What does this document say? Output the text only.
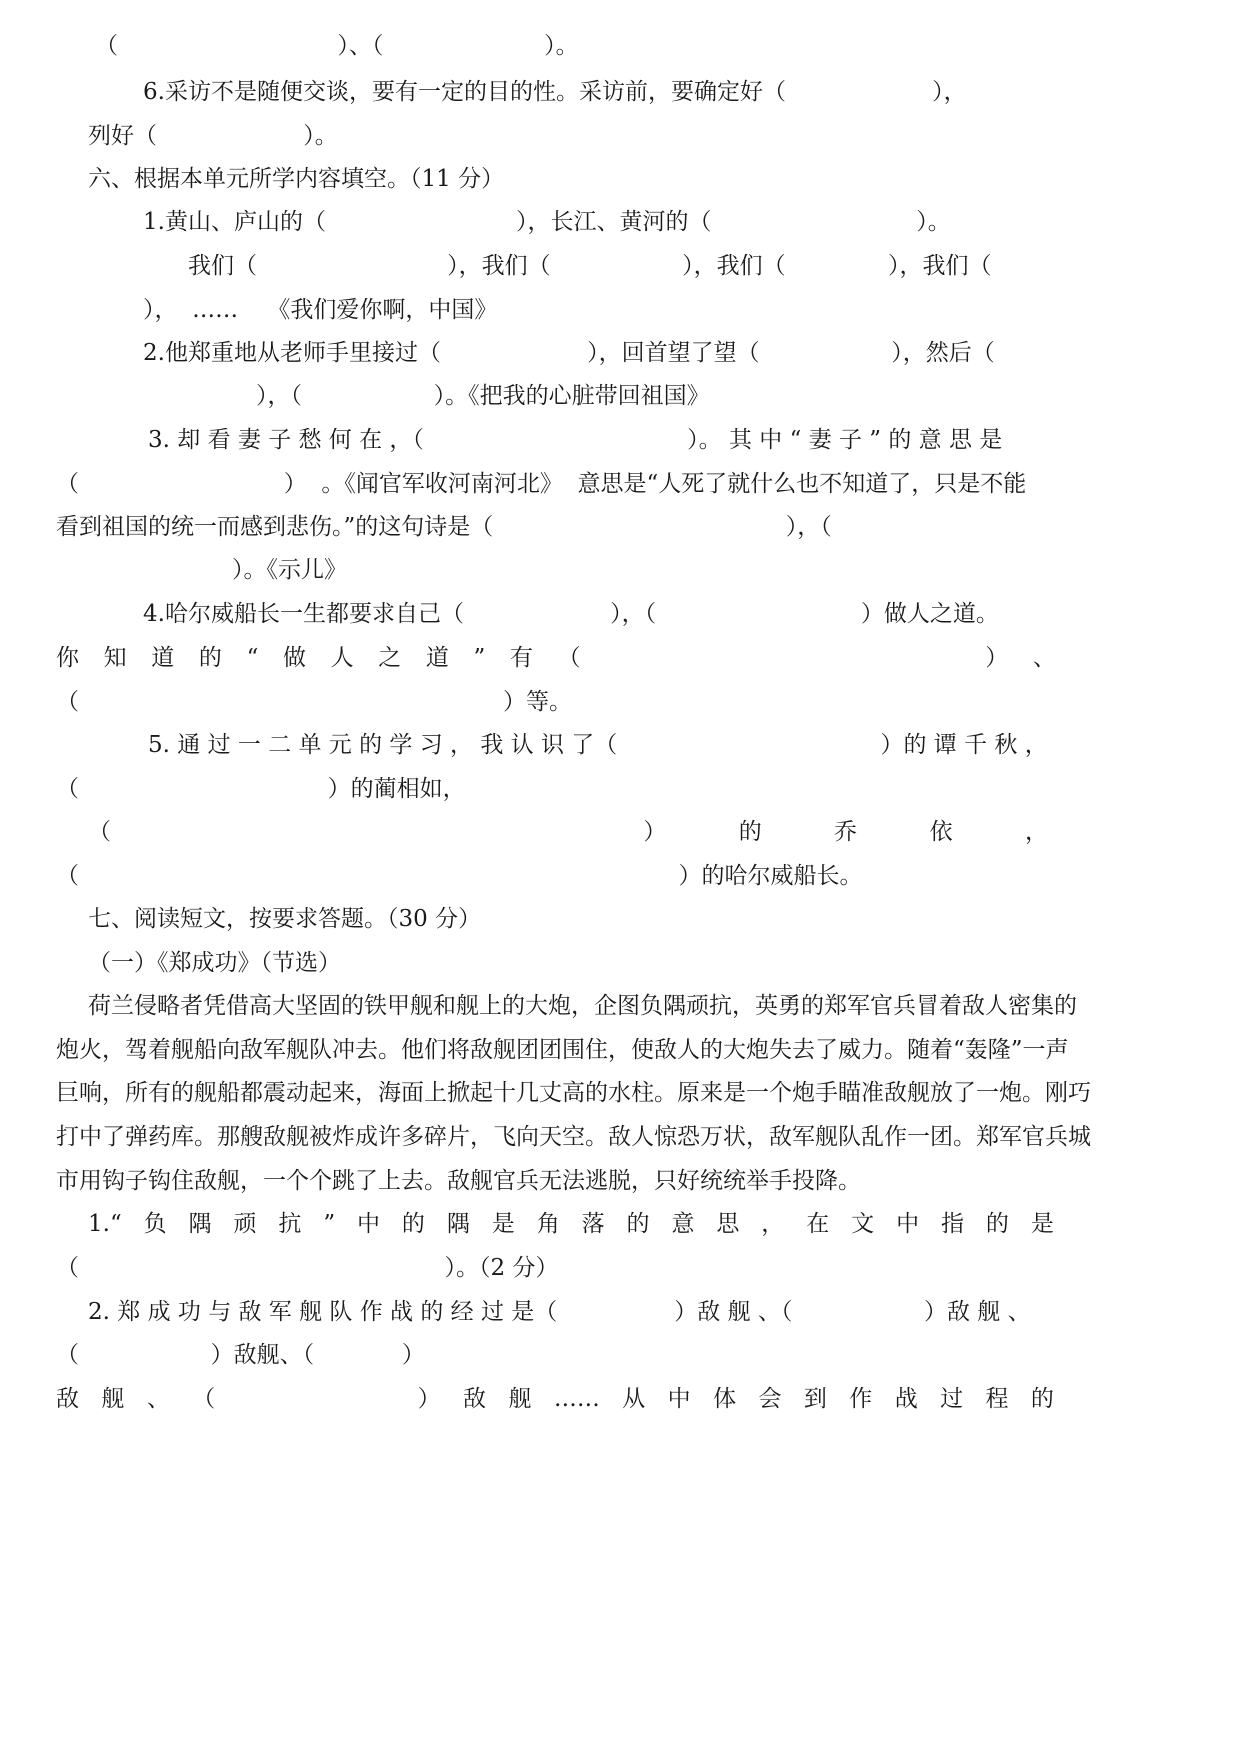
（                              ）、（                      ）。

6.采访不是随便交谈，要有一定的目的性。采访前，要确定好（                    ），

列好（                    ）。

六、根据本单元所学内容填空。（11 分）

1.黄山、庐山的（                          ），长江、黄河的（                            ）。

我们（                          ），我们（                  ），我们（              ），我们（

），  ……    《我们爱你啊，中国》

2.他郑重地从老师手里接过（                    ），回首望了望（                  ），然后（

），（                  ）。《把我的心脏带回祖国》

3. 却 看 妻 子 愁 何 在 ，（                                    ）。 其 中 “ 妻 子 ” 的 意 思 是

（                            ）  。《闻官军收河南河北》  意思是“人死了就什么也不知道了，只是不能

看到祖国的统一而感到悲伤。”的这句诗是（                                        ），（

）。《示儿》

4.哈尔威船长一生都要求自己（                    ），（                            ）做人之道。

你 知 道 的 “ 做 人 之 道 ” 有 （	） 、

（                                                          ）等。

5. 通 过 一 二 单 元 的 学 习 ， 我 认 识 了（                                    ）的 谭 千 秋 ，

（                                  ）的蔺相如，

（	）	的	乔	依	，

（                                                                                  ）的哈尔威船长。

七、阅读短文，按要求答题。（30 分）

（一）《郑成功》（节选）

荷兰侵略者凭借高大坚固的铁甲舰和舰上的大炮，企图负隅顽抗，英勇的郑军官兵冒着敌人密集的

炮火，驾着舰船向敌军舰队冲去。他们将敌舰团团围住，使敌人的大炮失去了威力。随着“轰隆”一声

巨响，所有的舰船都震动起来，海面上掀起十几丈高的水柱。原来是一个炮手瞄准敌舰放了一炮。刚巧

打中了弹药库。那艘敌舰被炸成许多碎片，飞向天空。敌人惊恐万状，敌军舰队乱作一团。郑军官兵城

市用钩子钩住敌舰，一个个跳了上去。敌舰官兵无法逃脱，只好统统举手投降。

1.“ 负 隅 顽 抗 ” 中 的 隅 是 角 落 的 意 思 ， 在 文 中 指 的 是

（                                                  ）。（2 分）

2. 郑 成 功 与 敌 军 舰 队 作 战 的 经 过 是（                ）敌 舰 、（                  ）敌 舰 、

（                  ）敌舰、（            ）

敌 舰 、 （	） 敌 舰 …… 从 中 体 会 到 作 战 过 程 的
